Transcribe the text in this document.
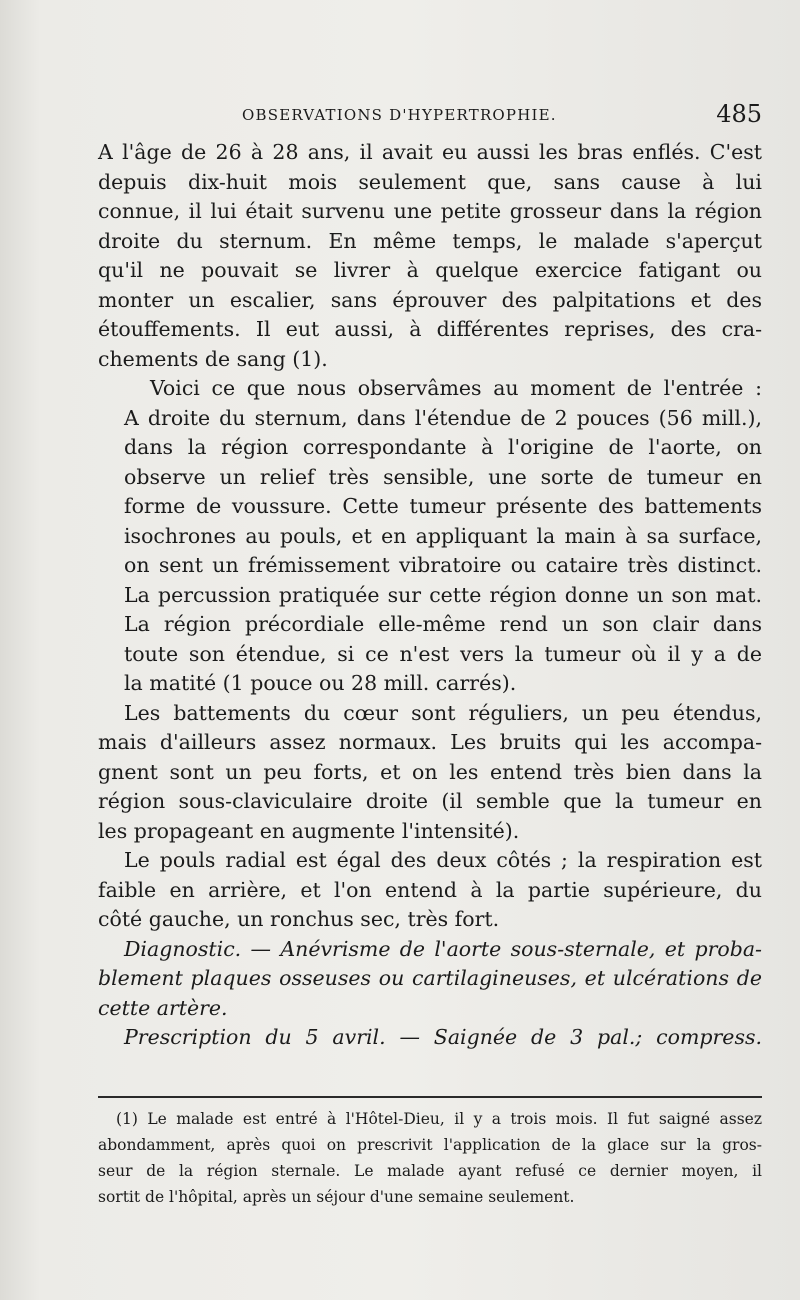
OBSERVATIONS D'HYPERTROPHIE.	485

A l'âge de 26 à 28 ans, il avait eu aussi les bras enflés. C'est
depuis dix-huit mois seulement que, sans cause à lui
connue, il lui était survenu une petite grosseur dans la région
droite du sternum. En même temps, le malade s'aperçut
qu'il ne pouvait se livrer à quelque exercice fatigant ou
monter un escalier, sans éprouver des palpitations et des
étouffements. Il eut aussi, à différentes reprises, des cra-
chements de sang (1).

Voici ce que nous observâmes au moment de l'entrée :
A droite du sternum, dans l'étendue de 2 pouces (56 mill.),
dans la région correspondante à l'origine de l'aorte, on
observe un relief très sensible, une sorte de tumeur en
forme de voussure. Cette tumeur présente des battements
isochrones au pouls, et en appliquant la main à sa surface,
on sent un frémissement vibratoire ou cataire très distinct.
La percussion pratiquée sur cette région donne un son mat.
La région précordiale elle-même rend un son clair dans
toute son étendue, si ce n'est vers la tumeur où il y a de
la matité (1 pouce ou 28 mill. carrés).

Les battements du cœur sont réguliers, un peu étendus,
mais d'ailleurs assez normaux. Les bruits qui les accompa-
gnent sont un peu forts, et on les entend très bien dans la
région sous-claviculaire droite (il semble que la tumeur en
les propageant en augmente l'intensité).

Le pouls radial est égal des deux côtés ; la respiration est
faible en arrière, et l'on entend à la partie supérieure, du
côté gauche, un ronchus sec, très fort.

Diagnostic. — Anévrisme de l'aorte sous-sternale, et proba-
blement plaques osseuses ou cartilagineuses, et ulcérations de
cette artère.

Prescription du 5 avril. — Saignée de 3 pal.; compress.

(1) Le malade est entré à l'Hôtel-Dieu, il y a trois mois. Il fut saigné assez
abondamment, après quoi on prescrivit l'application de la glace sur la gros-
seur de la région sternale. Le malade ayant refusé ce dernier moyen, il
sortit de l'hôpital, après un séjour d'une semaine seulement.
